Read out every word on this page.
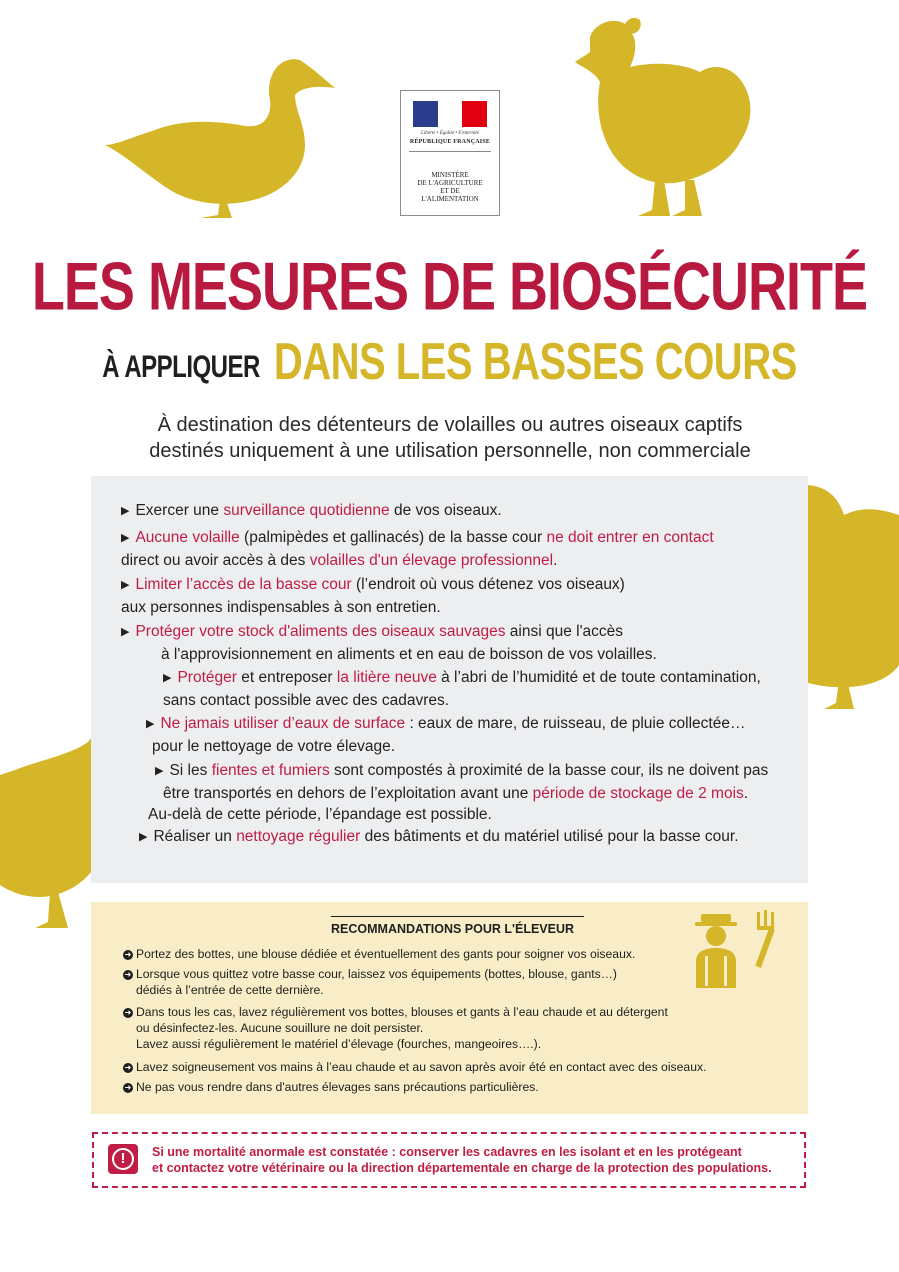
Liberté • Égalité • Fraternité
RÉPUBLIQUE FRANÇAISE
MINISTÈRE
DE L'AGRICULTURE
ET DE
L'ALIMENTATION
LES MESURES DE BIOSÉCURITÉ
À APPLIQUER DANS LES BASSES COURS
À destination des détenteurs de volailles ou autres oiseaux captifs
destinés uniquement à une utilisation personnelle, non commerciale
▶ Exercer une surveillance quotidienne de vos oiseaux.
▶ Aucune volaille (palmipèdes et gallinacés) de la basse cour ne doit entrer en contact
direct ou avoir accès à des volailles d'un élevage professionnel.
▶ Limiter l’accès de la basse cour (l’endroit où vous détenez vos oiseaux)
aux personnes indispensables à son entretien.
▶ Protéger votre stock d'aliments des oiseaux sauvages ainsi que l'accès
à l'approvisionnement en aliments et en eau de boisson de vos volailles.
▶ Protéger et entreposer la litière neuve à l’abri de l’humidité et de toute contamination,
sans contact possible avec des cadavres.
▶ Ne jamais utiliser d’eaux de surface : eaux de mare, de ruisseau, de pluie collectée…
pour le nettoyage de votre élevage.
▶ Si les fientes et fumiers sont compostés à proximité de la basse cour, ils ne doivent pas
être transportés en dehors de l’exploitation avant une période de stockage de 2 mois.
Au-delà de cette période, l’épandage est possible.
▶ Réaliser un nettoyage régulier des bâtiments et du matériel utilisé pour la basse cour.
RECOMMANDATIONS POUR L'ÉLEVEUR
➜ Portez des bottes, une blouse dédiée et éventuellement des gants pour soigner vos oiseaux.
➜ Lorsque vous quittez votre basse cour, laissez vos équipements (bottes, blouse, gants…)
dédiés à l’entrée de cette dernière.
➜ Dans tous les cas, lavez régulièrement vos bottes, blouses et gants à l’eau chaude et au détergent
ou désinfectez-les. Aucune souillure ne doit persister.
Lavez aussi régulièrement le matériel d’élevage (fourches, mangeoires….).
➜ Lavez soigneusement vos mains à l’eau chaude et au savon après avoir été en contact avec des oiseaux.
➜ Ne pas vous rendre dans d'autres élevages sans précautions particulières.
!	Si une mortalité anormale est constatée : conserver les cadavres en les isolant et en les protégeant
et contactez votre vétérinaire ou la direction départementale en charge de la protection des populations.
